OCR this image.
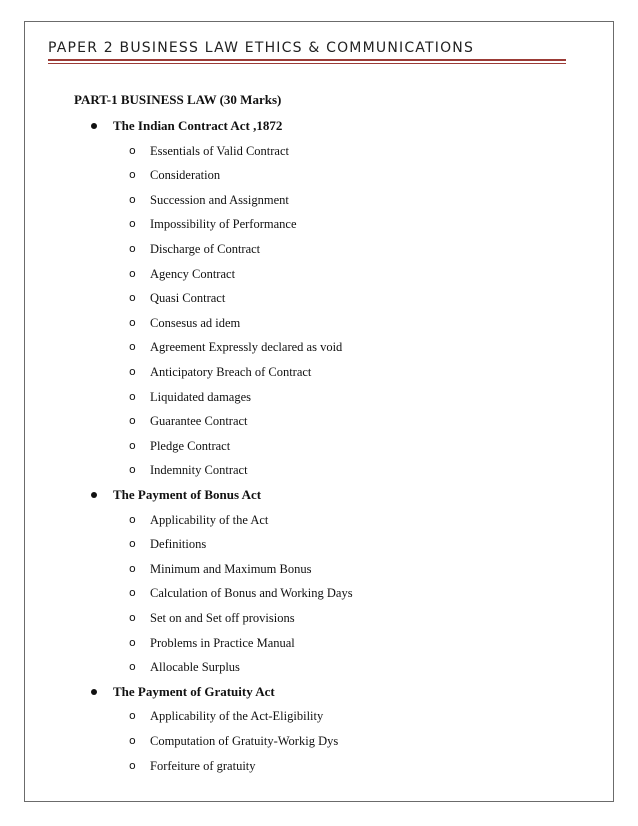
PAPER 2 BUSINESS LAW ETHICS & COMMUNICATIONS
PART-1 BUSINESS LAW (30 Marks)
The Indian Contract Act ,1872
o Essentials of Valid Contract
o Consideration
o Succession and Assignment
o Impossibility of Performance
o Discharge of Contract
o Agency Contract
o Quasi Contract
o Consesus ad idem
o Agreement Expressly declared as void
o Anticipatory Breach of Contract
o Liquidated damages
o Guarantee Contract
o Pledge Contract
o Indemnity Contract
The Payment of Bonus Act
o Applicability of the Act
o Definitions
o Minimum and Maximum Bonus
o Calculation of Bonus and Working Days
o Set on and Set off provisions
o Problems in Practice Manual
o Allocable Surplus
The Payment of Gratuity Act
o Applicability of the Act-Eligibility
o Computation of Gratuity-Workig Dys
o Forfeiture of gratuity
